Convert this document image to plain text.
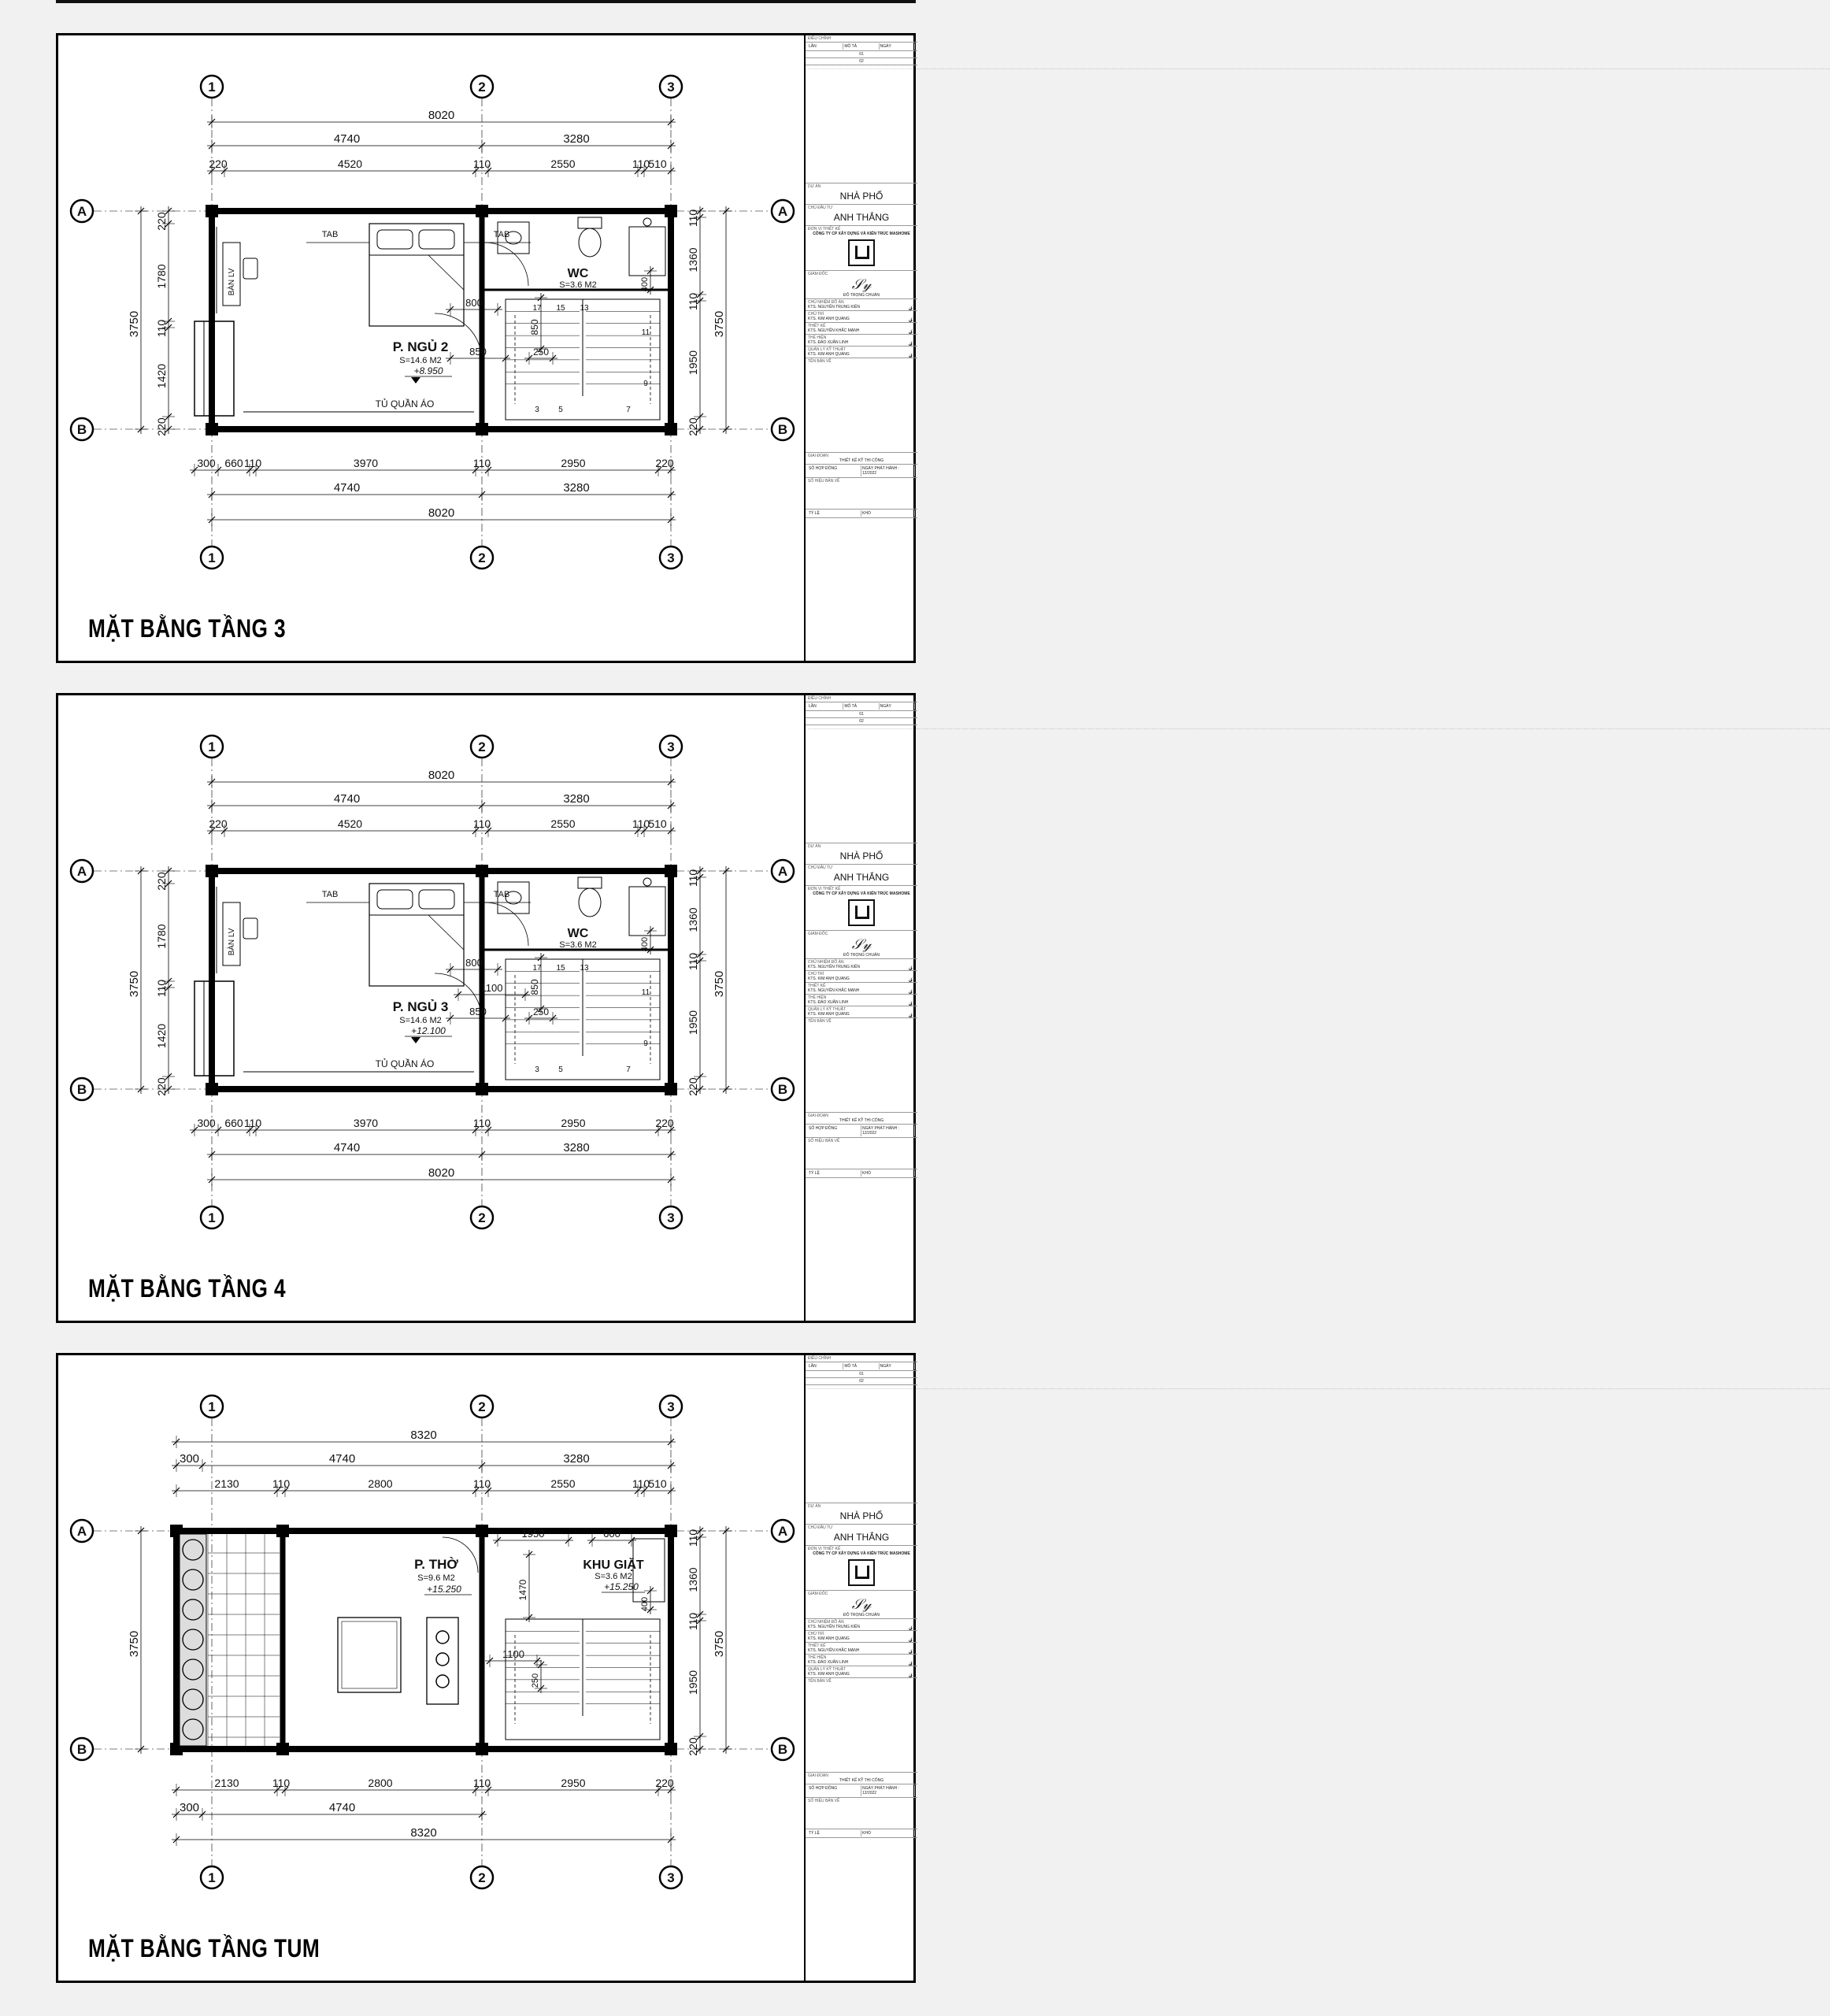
1
1
2
2
3
3
A	A
B	B
8020
4740	3280
220	4520	110	2550	110
510
300 660 110	3970	110	2950	220
4740	3280
8020
3750
220
1780
110
1420
220
3750
110
1360
110
1950
220
TAB	TAB
BÀN LV
TỦ QUẦN ÁO
P. NGỦ 2
S=14.6 M2
+8.950
WC
S=3.6 M2
17 15 13
11
9
7
5
3
800
850
850
250
400
MẶT BẰNG TẦNG 3
ĐIỀU CHỈNH
LẦN	MÔ TẢ	NGÀY
01
02
................................................................................................................................................................................................................................................................................................................................................................................................................................................................................................................................................................................................................................................................................................................................................................................................................................................................................................................................................................................................................................................................................................................................................................................................................
DỰ ÁN
NHÀ PHỐ
CHỦ ĐẦU TƯ
ANH THẮNG
ĐƠN VỊ THIẾT KẾ
CÔNG TY CP XÂY DỰNG VÀ KIẾN TRÚC MASHOME
GIÁM ĐỐC
𝒮𝓎
ĐỖ TRỌNG CHUẨN
CHỦ NHIỆM ĐỒ ÁN
KTS. NGUYỄN TRUNG KIÊN	𝓈
CHỦ TRÌ
KTS. KIM ANH QUANG	𝓈
THIẾT KẾ
KTS. NGUYỄN KHẮC MẠNH	𝓈
THỂ HIỆN
KTS. ĐÀO XUÂN LINH	𝓈
QUẢN LÝ KỸ THUẬT
KTS. KIM ANH QUANG	𝓈
TÊN BẢN VẼ
GIAI ĐOẠN
THIẾT KẾ KỸ THI CÔNG
SỐ HỢP ĐỒNG	NGÀY PHÁT HÀNH : 12/2022
SỐ HIỆU BẢN VẼ
TỶ LỆ	KHỔ
1
1
2
2
3
3
A	A
B	B
8020
4740	3280
220	4520	110	2550	110
510
300 660 110	3970	110	2950	220
4740	3280
8020
3750
220
1780
110
1420
220
3750
110
1360
110
1950
220
TAB	TAB
BÀN LV
TỦ QUẦN ÁO
P. NGỦ 3
S=14.6 M2
+12.100
WC
S=3.6 M2
17 15 13
11
9
7
5
3
800
1100
850
850
250
400
MẶT BẰNG TẦNG 4
ĐIỀU CHỈNH
LẦN	MÔ TẢ	NGÀY
01
02
................................................................................................................................................................................................................................................................................................................................................................................................................................................................................................................................................................................................................................................................................................................................................................................................................................................................................................................................................................................................................................................................................................................................................................................................................
DỰ ÁN
NHÀ PHỐ
CHỦ ĐẦU TƯ
ANH THẮNG
ĐƠN VỊ THIẾT KẾ
CÔNG TY CP XÂY DỰNG VÀ KIẾN TRÚC MASHOME
GIÁM ĐỐC
𝒮𝓎
ĐỖ TRỌNG CHUẨN
CHỦ NHIỆM ĐỒ ÁN
KTS. NGUYỄN TRUNG KIÊN	𝓈
CHỦ TRÌ
KTS. KIM ANH QUANG	𝓈
THIẾT KẾ
KTS. NGUYỄN KHẮC MẠNH	𝓈
THỂ HIỆN
KTS. ĐÀO XUÂN LINH	𝓈
QUẢN LÝ KỸ THUẬT
KTS. KIM ANH QUANG	𝓈
TÊN BẢN VẼ
GIAI ĐOẠN
THIẾT KẾ KỸ THI CÔNG
SỐ HỢP ĐỒNG	NGÀY PHÁT HÀNH : 12/2022
SỐ HIỆU BẢN VẼ
TỶ LỆ	KHỔ
1
1
2
2
3
3
A	A
B	B
8320
300	4740	3280
2130	110	2800	110	2550	110
510
2130	110	2800	110	2950	220
300	4740
8320
3750	3750
110
1360
110
1950
220
P. THỜ
S=9.6 M2
+15.250
KHU GIẶT
S=3.6 M2
+15.250
1950	600
1470
1100
250
400
MẶT BẰNG TẦNG TUM
ĐIỀU CHỈNH
LẦN	MÔ TẢ	NGÀY
01
02
................................................................................................................................................................................................................................................................................................................................................................................................................................................................................................................................................................................................................................................................................................................................................................................................................................................................................................................................................................................................................................................................................................................................................................................................................
DỰ ÁN
NHÀ PHỐ
CHỦ ĐẦU TƯ
ANH THẮNG
ĐƠN VỊ THIẾT KẾ
CÔNG TY CP XÂY DỰNG VÀ KIẾN TRÚC MASHOME
GIÁM ĐỐC
𝒮𝓎
ĐỖ TRỌNG CHUẨN
CHỦ NHIỆM ĐỒ ÁN
KTS. NGUYỄN TRUNG KIÊN	𝓈
CHỦ TRÌ
KTS. KIM ANH QUANG	𝓈
THIẾT KẾ
KTS. NGUYỄN KHẮC MẠNH	𝓈
THỂ HIỆN
KTS. ĐÀO XUÂN LINH	𝓈
QUẢN LÝ KỸ THUẬT
KTS. KIM ANH QUANG	𝓈
TÊN BẢN VẼ
GIAI ĐOẠN
THIẾT KẾ KỸ THI CÔNG
SỐ HỢP ĐỒNG	NGÀY PHÁT HÀNH : 12/2022
SỐ HIỆU BẢN VẼ
TỶ LỆ	KHỔ
